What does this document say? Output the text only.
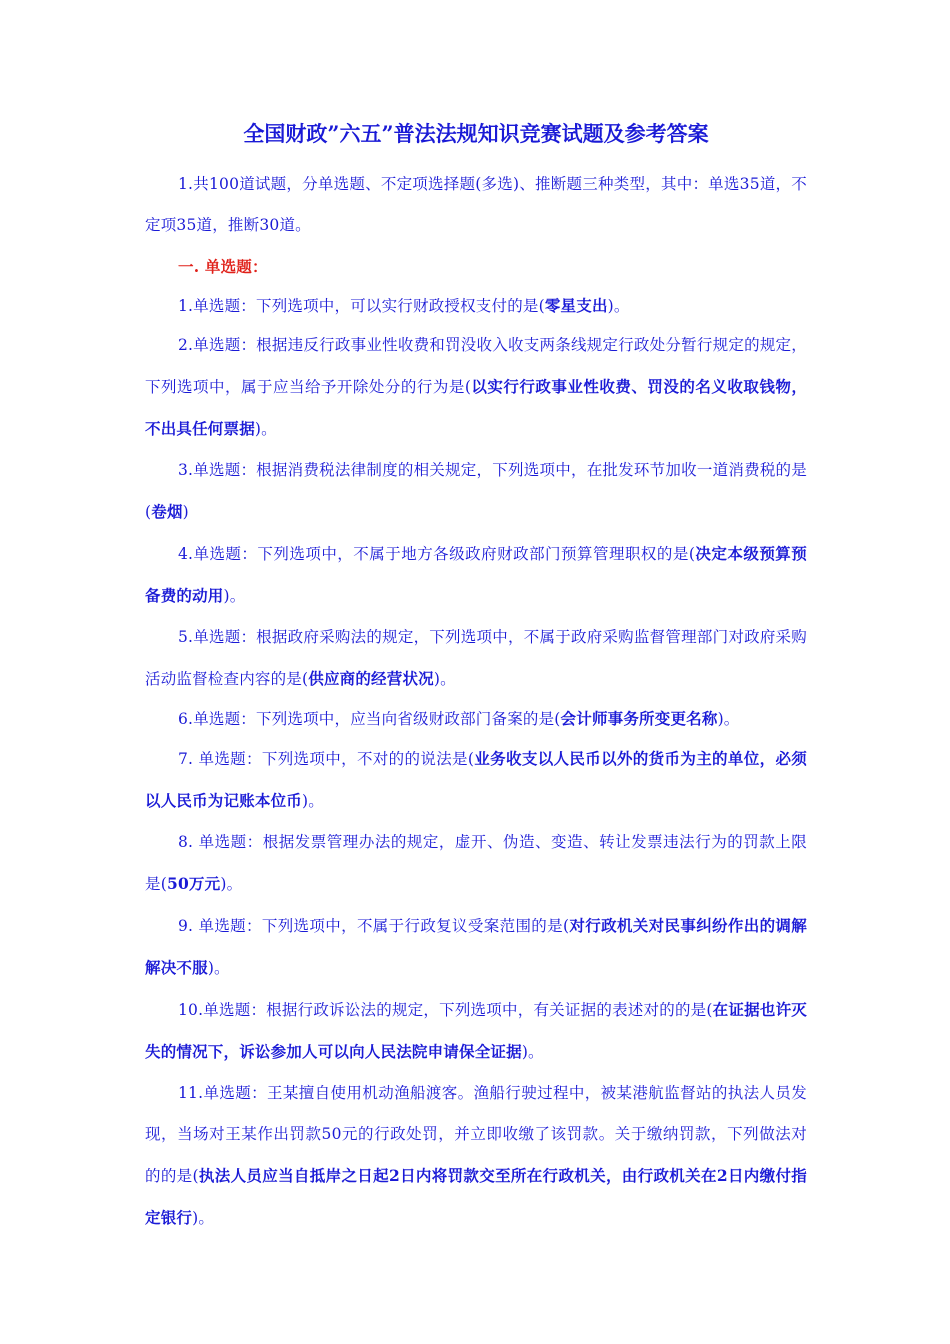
全国财政”六五”普法法规知识竞赛试题及参考答案

1.共100道试题，分单选题、不定项选择题(多选)、推断题三种类型，其中：单选35道，不定项35道，推断30道。

一. 单选题：

1.单选题：下列选项中，可以实行财政授权支付的是(零星支出)。

2.单选题：根据违反行政事业性收费和罚没收入收支两条线规定行政处分暂行规定的规定，下列选项中，属于应当给予开除处分的行为是(以实行行政事业性收费、罚没的名义收取钱物，不出具任何票据)。

3.单选题：根据消费税法律制度的相关规定，下列选项中，在批发环节加收一道消费税的是(卷烟)

4.单选题：下列选项中，不属于地方各级政府财政部门预算管理职权的是(决定本级预算预备费的动用)。

5.单选题：根据政府采购法的规定，下列选项中，不属于政府采购监督管理部门对政府采购活动监督检查内容的是(供应商的经营状况)。

6.单选题：下列选项中，应当向省级财政部门备案的是(会计师事务所变更名称)。

7. 单选题：下列选项中，不对的的说法是(业务收支以人民币以外的货币为主的单位，必须以人民币为记账本位币)。

8. 单选题：根据发票管理办法的规定，虚开、伪造、变造、转让发票违法行为的罚款上限是(50万元)。

9. 单选题：下列选项中，不属于行政复议受案范围的是(对行政机关对民事纠纷作出的调解解决不服)。

10.单选题：根据行政诉讼法的规定，下列选项中，有关证据的表述对的的是(在证据也许灭失的情况下，诉讼参加人可以向人民法院申请保全证据)。

11.单选题：王某擅自使用机动渔船渡客。渔船行驶过程中，被某港航监督站的执法人员发现，当场对王某作出罚款50元的行政处罚，并立即收缴了该罚款。关于缴纳罚款，下列做法对的的是(执法人员应当自抵岸之日起2日内将罚款交至所在行政机关，由行政机关在2日内缴付指定银行)。
